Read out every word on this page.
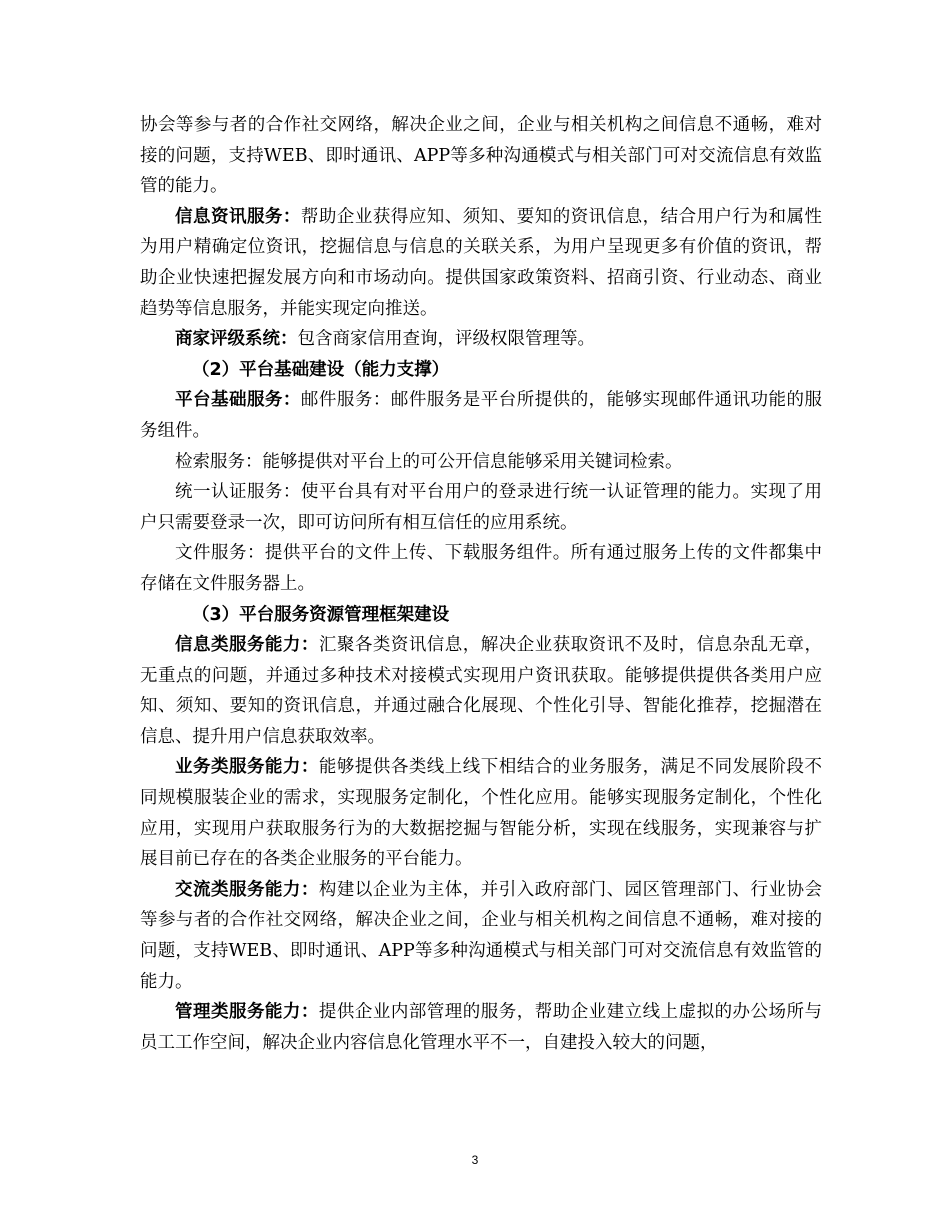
协会等参与者的合作社交网络，解决企业之间，企业与相关机构之间信息不通畅，难对接的问题，支持WEB、即时通讯、APP等多种沟通模式与相关部门可对交流信息有效监管的能力。

信息资讯服务：帮助企业获得应知、须知、要知的资讯信息，结合用户行为和属性为用户精确定位资讯，挖掘信息与信息的关联关系，为用户呈现更多有价值的资讯，帮助企业快速把握发展方向和市场动向。提供国家政策资料、招商引资、行业动态、商业趋势等信息服务，并能实现定向推送。

商家评级系统：包含商家信用查询，评级权限管理等。

（2）平台基础建设（能力支撑）

平台基础服务：邮件服务：邮件服务是平台所提供的，能够实现邮件通讯功能的服务组件。

检索服务：能够提供对平台上的可公开信息能够采用关键词检索。

统一认证服务：使平台具有对平台用户的登录进行统一认证管理的能力。实现了用户只需要登录一次，即可访问所有相互信任的应用系统。

文件服务：提供平台的文件上传、下载服务组件。所有通过服务上传的文件都集中存储在文件服务器上。

（3）平台服务资源管理框架建设

信息类服务能力：汇聚各类资讯信息，解决企业获取资讯不及时，信息杂乱无章，无重点的问题，并通过多种技术对接模式实现用户资讯获取。能够提供提供各类用户应知、须知、要知的资讯信息，并通过融合化展现、个性化引导、智能化推荐，挖掘潜在信息、提升用户信息获取效率。

业务类服务能力：能够提供各类线上线下相结合的业务服务，满足不同发展阶段不同规模服装企业的需求，实现服务定制化，个性化应用。能够实现服务定制化，个性化应用，实现用户获取服务行为的大数据挖掘与智能分析，实现在线服务，实现兼容与扩展目前已存在的各类企业服务的平台能力。

交流类服务能力：构建以企业为主体，并引入政府部门、园区管理部门、行业协会等参与者的合作社交网络，解决企业之间，企业与相关机构之间信息不通畅，难对接的问题，支持WEB、即时通讯、APP等多种沟通模式与相关部门可对交流信息有效监管的能力。

管理类服务能力：提供企业内部管理的服务，帮助企业建立线上虚拟的办公场所与员工工作空间，解决企业内容信息化管理水平不一，自建投入较大的问题，

3
